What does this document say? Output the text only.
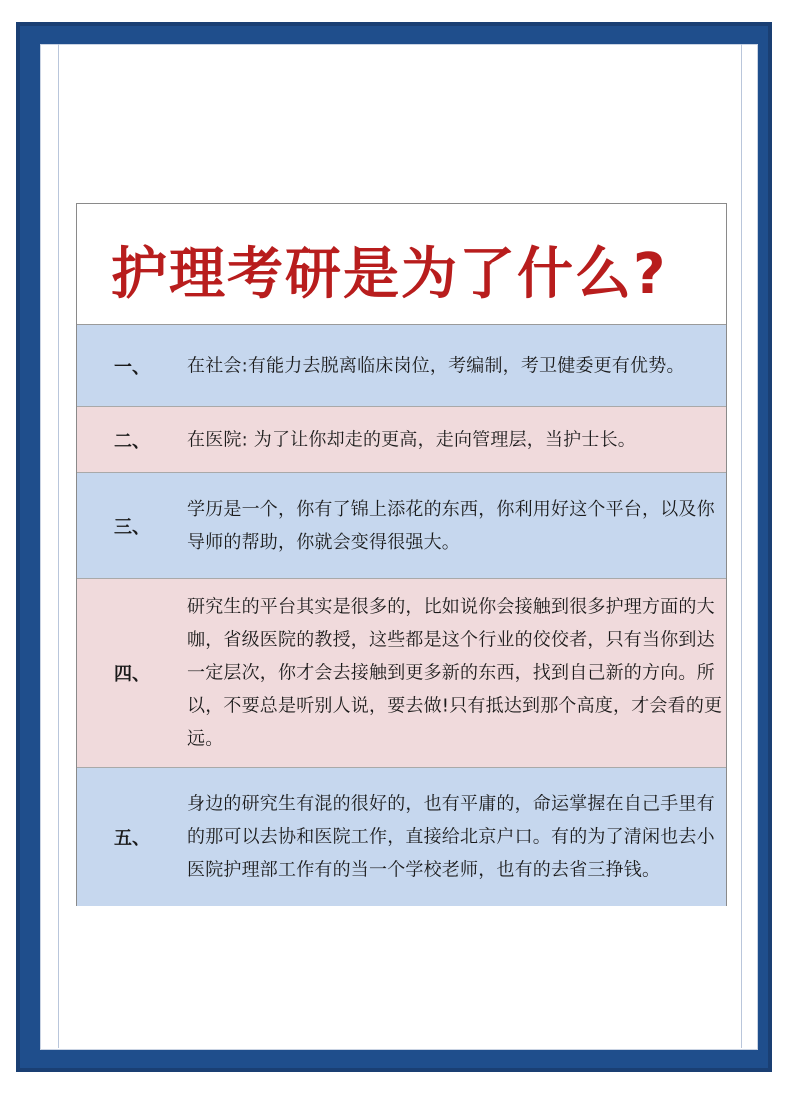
护理考研是为了什么?
一、 在社会:有能力去脱离临床岗位，考编制，考卫健委更有优势。
二、 在医院: 为了让你却走的更高，走向管理层，当护士长。
三、
学历是一个，你有了锦上添花的东西，你利用好这个平台，以及你导师的帮助，你就会变得很强大。
四、
研究生的平台其实是很多的，比如说你会接触到很多护理方面的大咖，省级医院的教授，这些都是这个行业的佼佼者，只有当你到达一定层次，你才会去接触到更多新的东西，找到自己新的方向。所以，不要总是听别人说，要去做!只有抵达到那个高度，才会看的更远。
五、
身边的研究生有混的很好的，也有平庸的，命运掌握在自己手里有的那可以去协和医院工作，直接给北京户口。有的为了清闲也去小医院护理部工作有的当一个学校老师，也有的去省三挣钱。
